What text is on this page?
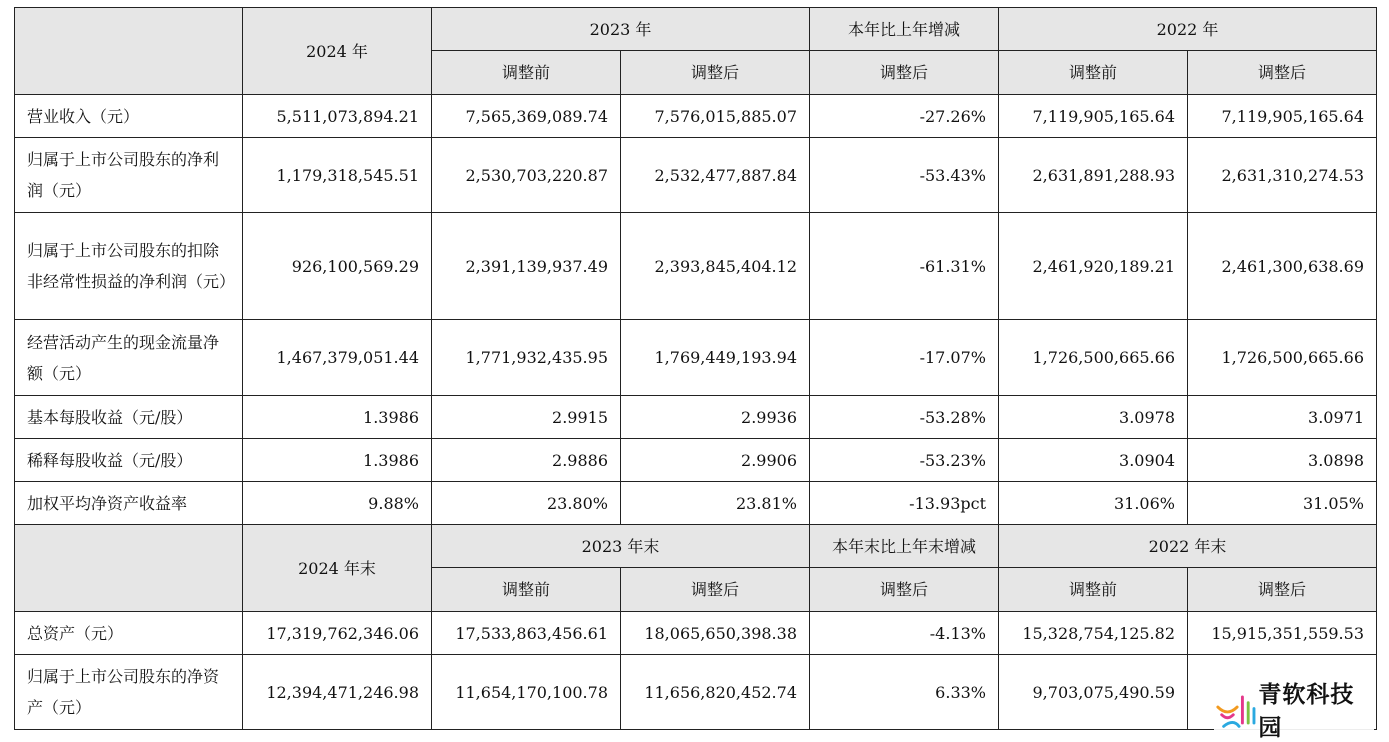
	2024 年	2023 年		本年比上年增减	2022 年	
		调整前	调整后	调整后	调整前	调整后
营业收入（元）	5,511,073,894.21	7,565,369,089.74	7,576,015,885.07	-27.26%	7,119,905,165.64	7,119,905,165.64
归属于上市公司股东的净利润（元）	1,179,318,545.51	2,530,703,220.87	2,532,477,887.84	-53.43%	2,631,891,288.93	2,631,310,274.53
归属于上市公司股东的扣除非经常性损益的净利润（元）	926,100,569.29	2,391,139,937.49	2,393,845,404.12	-61.31%	2,461,920,189.21	2,461,300,638.69
经营活动产生的现金流量净额（元）	1,467,379,051.44	1,771,932,435.95	1,769,449,193.94	-17.07%	1,726,500,665.66	1,726,500,665.66
基本每股收益（元/股）	1.3986	2.9915	2.9936	-53.28%	3.0978	3.0971
稀释每股收益（元/股）	1.3986	2.9886	2.9906	-53.23%	3.0904	3.0898
加权平均净资产收益率	9.88%	23.80%	23.81%	-13.93pct	31.06%	31.05%
	2024 年末	2023 年末		本年末比上年末增减	2022 年末	
		调整前	调整后	调整后	调整前	调整后
总资产（元）	17,319,762,346.06	17,533,863,456.61	18,065,650,398.38	-4.13%	15,328,754,125.82	15,915,351,559.53
归属于上市公司股东的净资产（元）	12,394,471,246.98	11,654,170,100.78	11,656,820,452.74	6.33%	9,703,075,490.59		青软科技园
